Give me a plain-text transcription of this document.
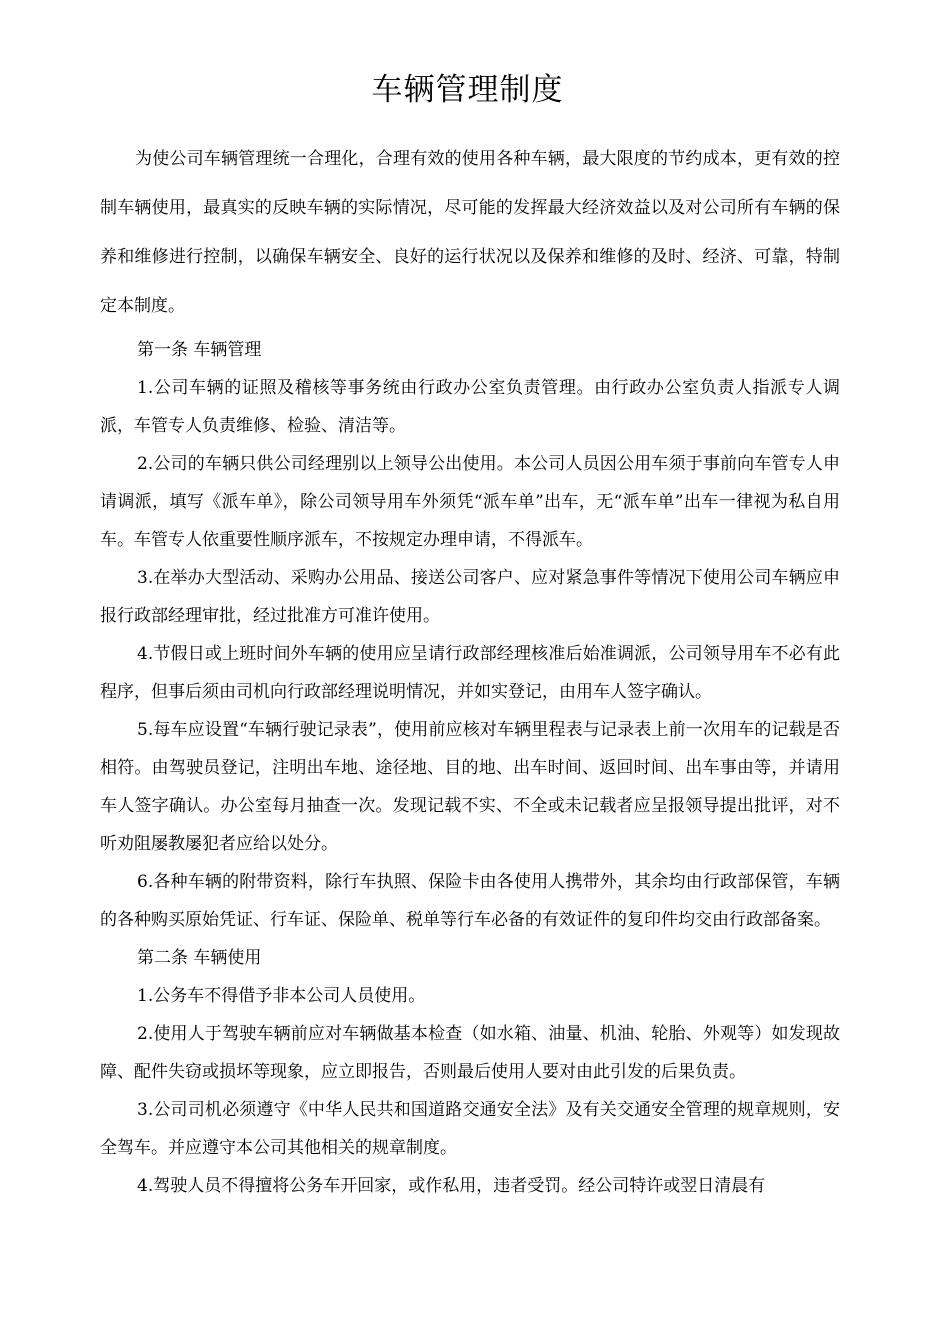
车辆管理制度

为使公司车辆管理统一合理化，合理有效的使用各种车辆，最大限度的节约成本，更有效的控制车辆使用，最真实的反映车辆的实际情况，尽可能的发挥最大经济效益以及对公司所有车辆的保养和维修进行控制，以确保车辆安全、良好的运行状况以及保养和维修的及时、经济、可靠，特制定本制度。

第一条 车辆管理

1.公司车辆的证照及稽核等事务统由行政办公室负责管理。由行政办公室负责人指派专人调派，车管专人负责维修、检验、清洁等。

2.公司的车辆只供公司经理别以上领导公出使用。本公司人员因公用车须于事前向车管专人申请调派，填写《派车单》，除公司领导用车外须凭“派车单”出车，无“派车单”出车一律视为私自用车。车管专人依重要性顺序派车，不按规定办理申请，不得派车。

3.在举办大型活动、采购办公用品、接送公司客户、应对紧急事件等情况下使用公司车辆应申报行政部经理审批，经过批准方可准许使用。

4.节假日或上班时间外车辆的使用应呈请行政部经理核准后始准调派，公司领导用车不必有此程序，但事后须由司机向行政部经理说明情况，并如实登记，由用车人签字确认。

5.每车应设置“车辆行驶记录表”，使用前应核对车辆里程表与记录表上前一次用车的记载是否相符。由驾驶员登记，注明出车地、途径地、目的地、出车时间、返回时间、出车事由等，并请用车人签字确认。办公室每月抽查一次。发现记载不实、不全或未记载者应呈报领导提出批评，对不听劝阻屡教屡犯者应给以处分。

6.各种车辆的附带资料，除行车执照、保险卡由各使用人携带外，其余均由行政部保管，车辆的各种购买原始凭证、行车证、保险单、税单等行车必备的有效证件的复印件均交由行政部备案。

第二条 车辆使用

1.公务车不得借予非本公司人员使用。

2.使用人于驾驶车辆前应对车辆做基本检查（如水箱、油量、机油、轮胎、外观等）如发现故障、配件失窃或损坏等现象，应立即报告，否则最后使用人要对由此引发的后果负责。

3.公司司机必须遵守《中华人民共和国道路交通安全法》及有关交通安全管理的规章规则，安全驾车。并应遵守本公司其他相关的规章制度。

4.驾驶人员不得擅将公务车开回家，或作私用，违者受罚。经公司特许或翌日清晨有
